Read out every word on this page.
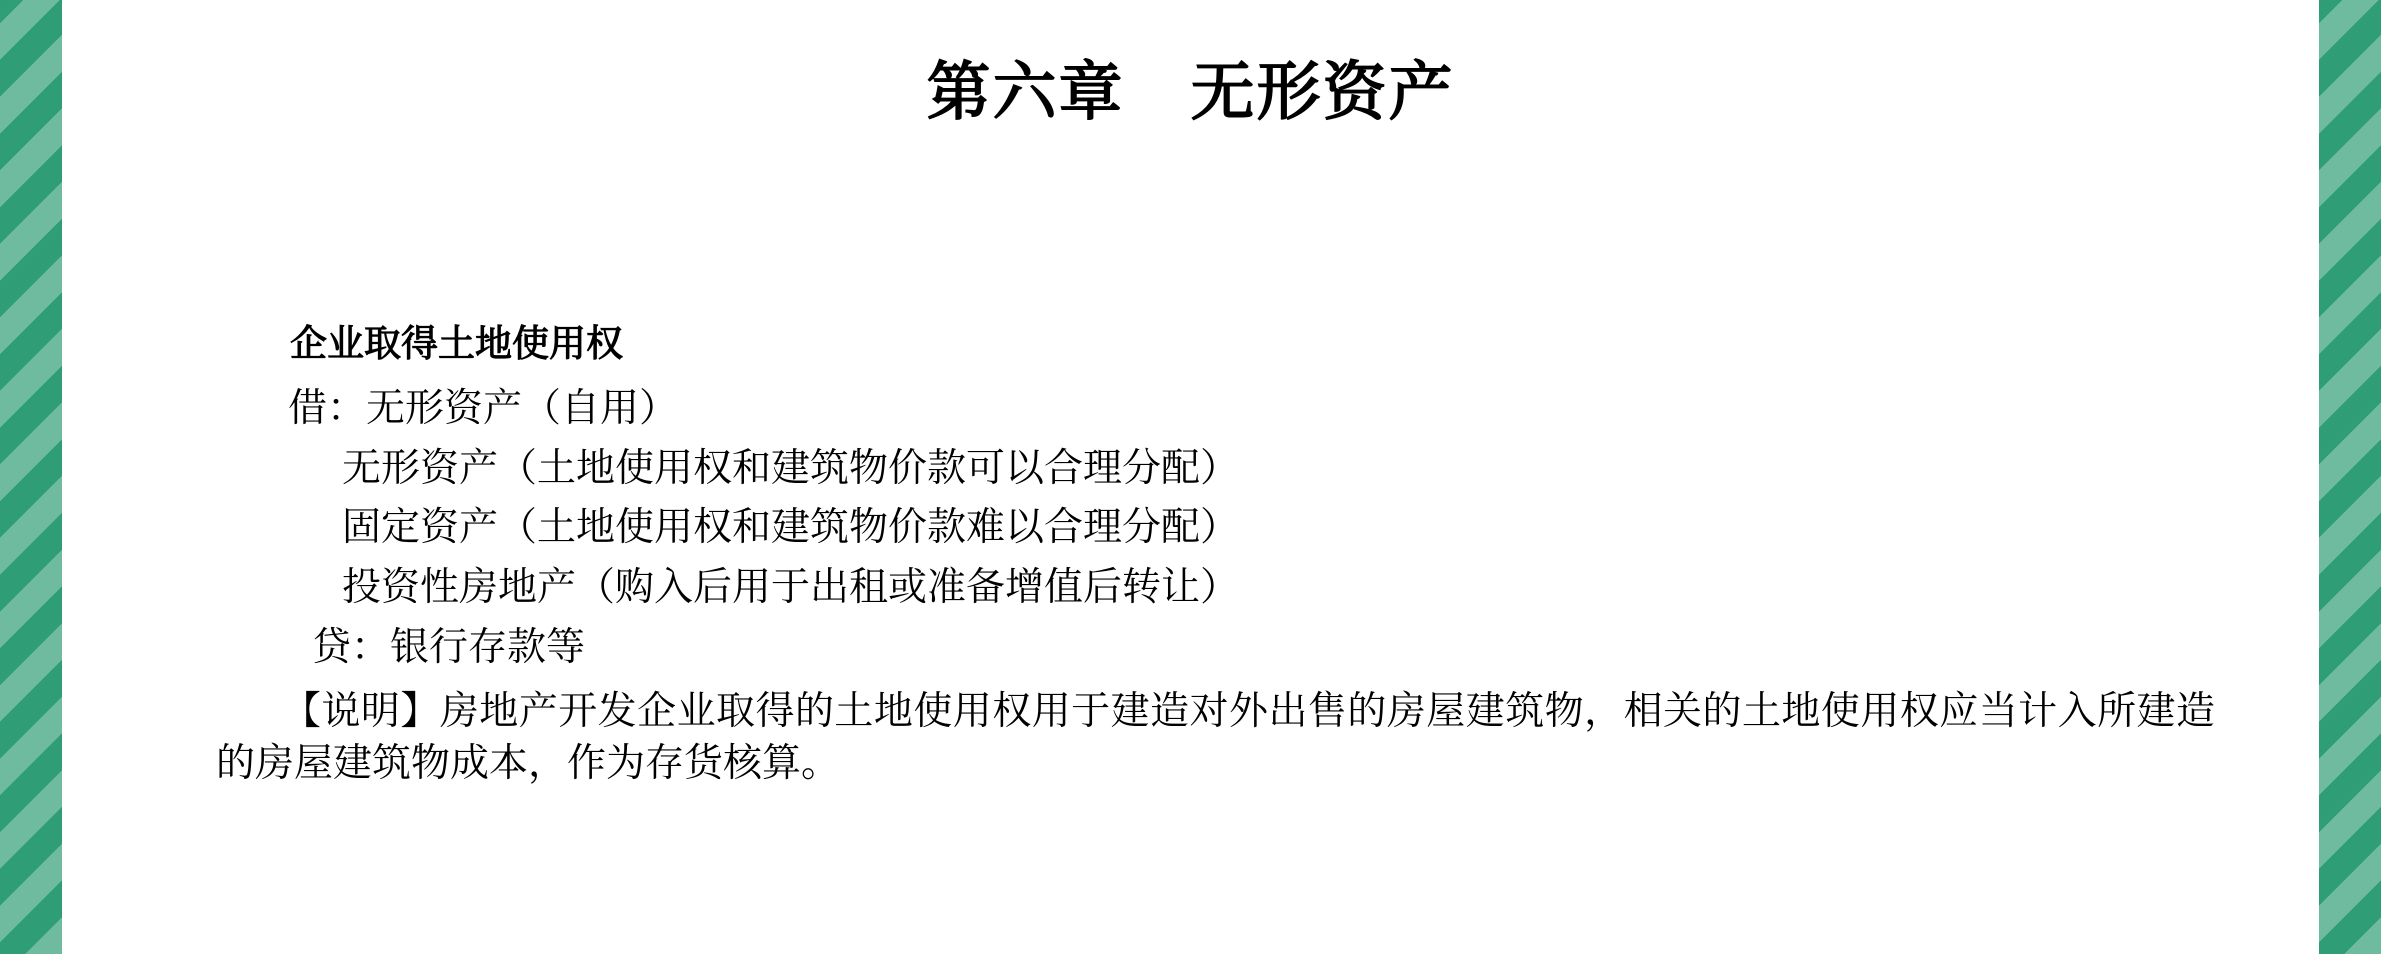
第六章　无形资产
企业取得土地使用权
借：无形资产（自用）
无形资产（土地使用权和建筑物价款可以合理分配）
固定资产（土地使用权和建筑物价款难以合理分配）
投资性房地产（购入后用于出租或准备增值后转让）
贷：银行存款等
【说明】房地产开发企业取得的土地使用权用于建造对外出售的房屋建筑物，相关的土地使用权应当计入所建造的房屋建筑物成本，作为存货核算。
